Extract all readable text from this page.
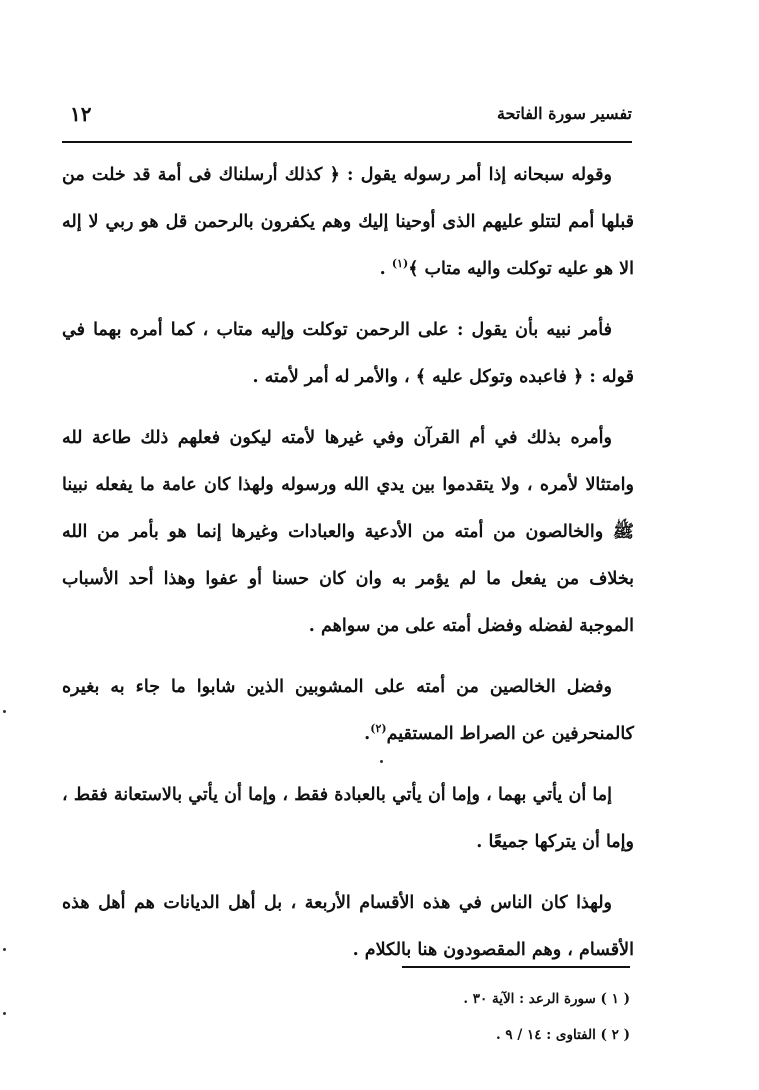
تفسير سورة الفاتحة
١٢

وقوله سبحانه إذا أمر رسوله يقول : ﴿ كذلك أرسلناك فى أمة قد خلت من قبلها أمم لتتلو عليهم الذى أوحينا إليك وهم يكفرون بالرحمن قل هو ربي لا إله الا هو عليه توكلت واليه متاب ﴾$^{(١)}$ .

فأمر نبيه بأن يقول : على الرحمن توكلت وإليه متاب ، كما أمره بهما في قوله : ﴿ فاعبده وتوكل عليه ﴾ ، والأمر له أمر لأمته .

وأمره بذلك في أم القرآن وفي غيرها لأمته ليكون فعلهم ذلك طاعة لله وامتثالا لأمره ، ولا يتقدموا بين يدي الله ورسوله ولهذا كان عامة ما يفعله نبينا ﷺ والخالصون من أمته من الأدعية والعبادات وغيرها إنما هو بأمر من الله بخلاف من يفعل ما لم يؤمر به وان كان حسنا أو عفوا وهذا أحد الأسباب الموجبة لفضله وفضل أمته على من سواهم .

وفضل الخالصين من أمته على المشوبين الذين شابوا ما جاء به بغيره كالمنحرفين عن الصراط المستقيم$^{(٢)}$.

إما أن يأتي بهما ، وإما أن يأتي بالعبادة فقط ، وإما أن يأتي بالاستعانة فقط ، وإما أن يتركها جميعًا .

ولهذا كان الناس في هذه الأقسام الأربعة ، بل أهل الديانات هم أهل هذه الأقسام ، وهم المقصودون هنا بالكلام .

( ١ ) سورة الرعد : الآية ٣٠ .
( ٢ ) الفتاوى : ١٤ / ٩ .
